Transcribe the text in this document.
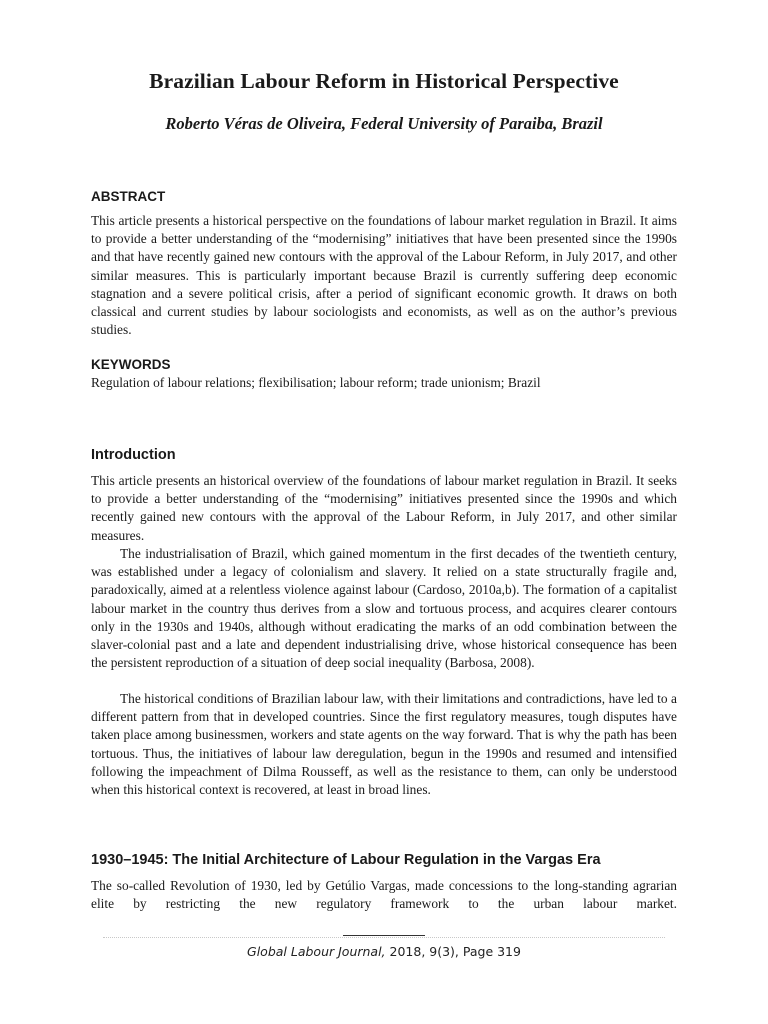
Brazilian Labour Reform in Historical Perspective
Roberto Véras de Oliveira, Federal University of Paraiba, Brazil
ABSTRACT

This article presents a historical perspective on the foundations of labour market regulation in Brazil. It aims to provide a better understanding of the “modernising” initiatives that have been presented since the 1990s and that have recently gained new contours with the approval of the Labour Reform, in July 2017, and other similar measures. This is particularly important because Brazil is currently suffering deep economic stagnation and a severe political crisis, after a period of significant economic growth. It draws on both classical and current studies by labour sociologists and economists, as well as on the author’s previous studies.

KEYWORDS
Regulation of labour relations; flexibilisation; labour reform; trade unionism; Brazil
Introduction

This article presents an historical overview of the foundations of labour market regulation in Brazil. It seeks to provide a better understanding of the “modernising” initiatives presented since the 1990s and which recently gained new contours with the approval of the Labour Reform, in July 2017, and other similar measures.

The industrialisation of Brazil, which gained momentum in the first decades of the twentieth century, was established under a legacy of colonialism and slavery. It relied on a state structurally fragile and, paradoxically, aimed at a relentless violence against labour (Cardoso, 2010a,b). The formation of a capitalist labour market in the country thus derives from a slow and tortuous process, and acquires clearer contours only in the 1930s and 1940s, although without eradicating the marks of an odd combination between the slaver-colonial past and a late and dependent industrialising drive, whose historical consequence has been the persistent reproduction of a situation of deep social inequality (Barbosa, 2008).

The historical conditions of Brazilian labour law, with their limitations and contradictions, have led to a different pattern from that in developed countries. Since the first regulatory measures, tough disputes have taken place among businessmen, workers and state agents on the way forward. That is why the path has been tortuous. Thus, the initiatives of labour law deregulation, begun in the 1990s and resumed and intensified following the impeachment of Dilma Rousseff, as well as the resistance to them, can only be understood when this historical context is recovered, at least in broad lines.

1930–1945: The Initial Architecture of Labour Regulation in the Vargas Era

The so-called Revolution of 1930, led by Getúlio Vargas, made concessions to the long-standing agrarian elite by restricting the new regulatory framework to the urban labour market.

Global Labour Journal, 2018, 9(3), Page 319
